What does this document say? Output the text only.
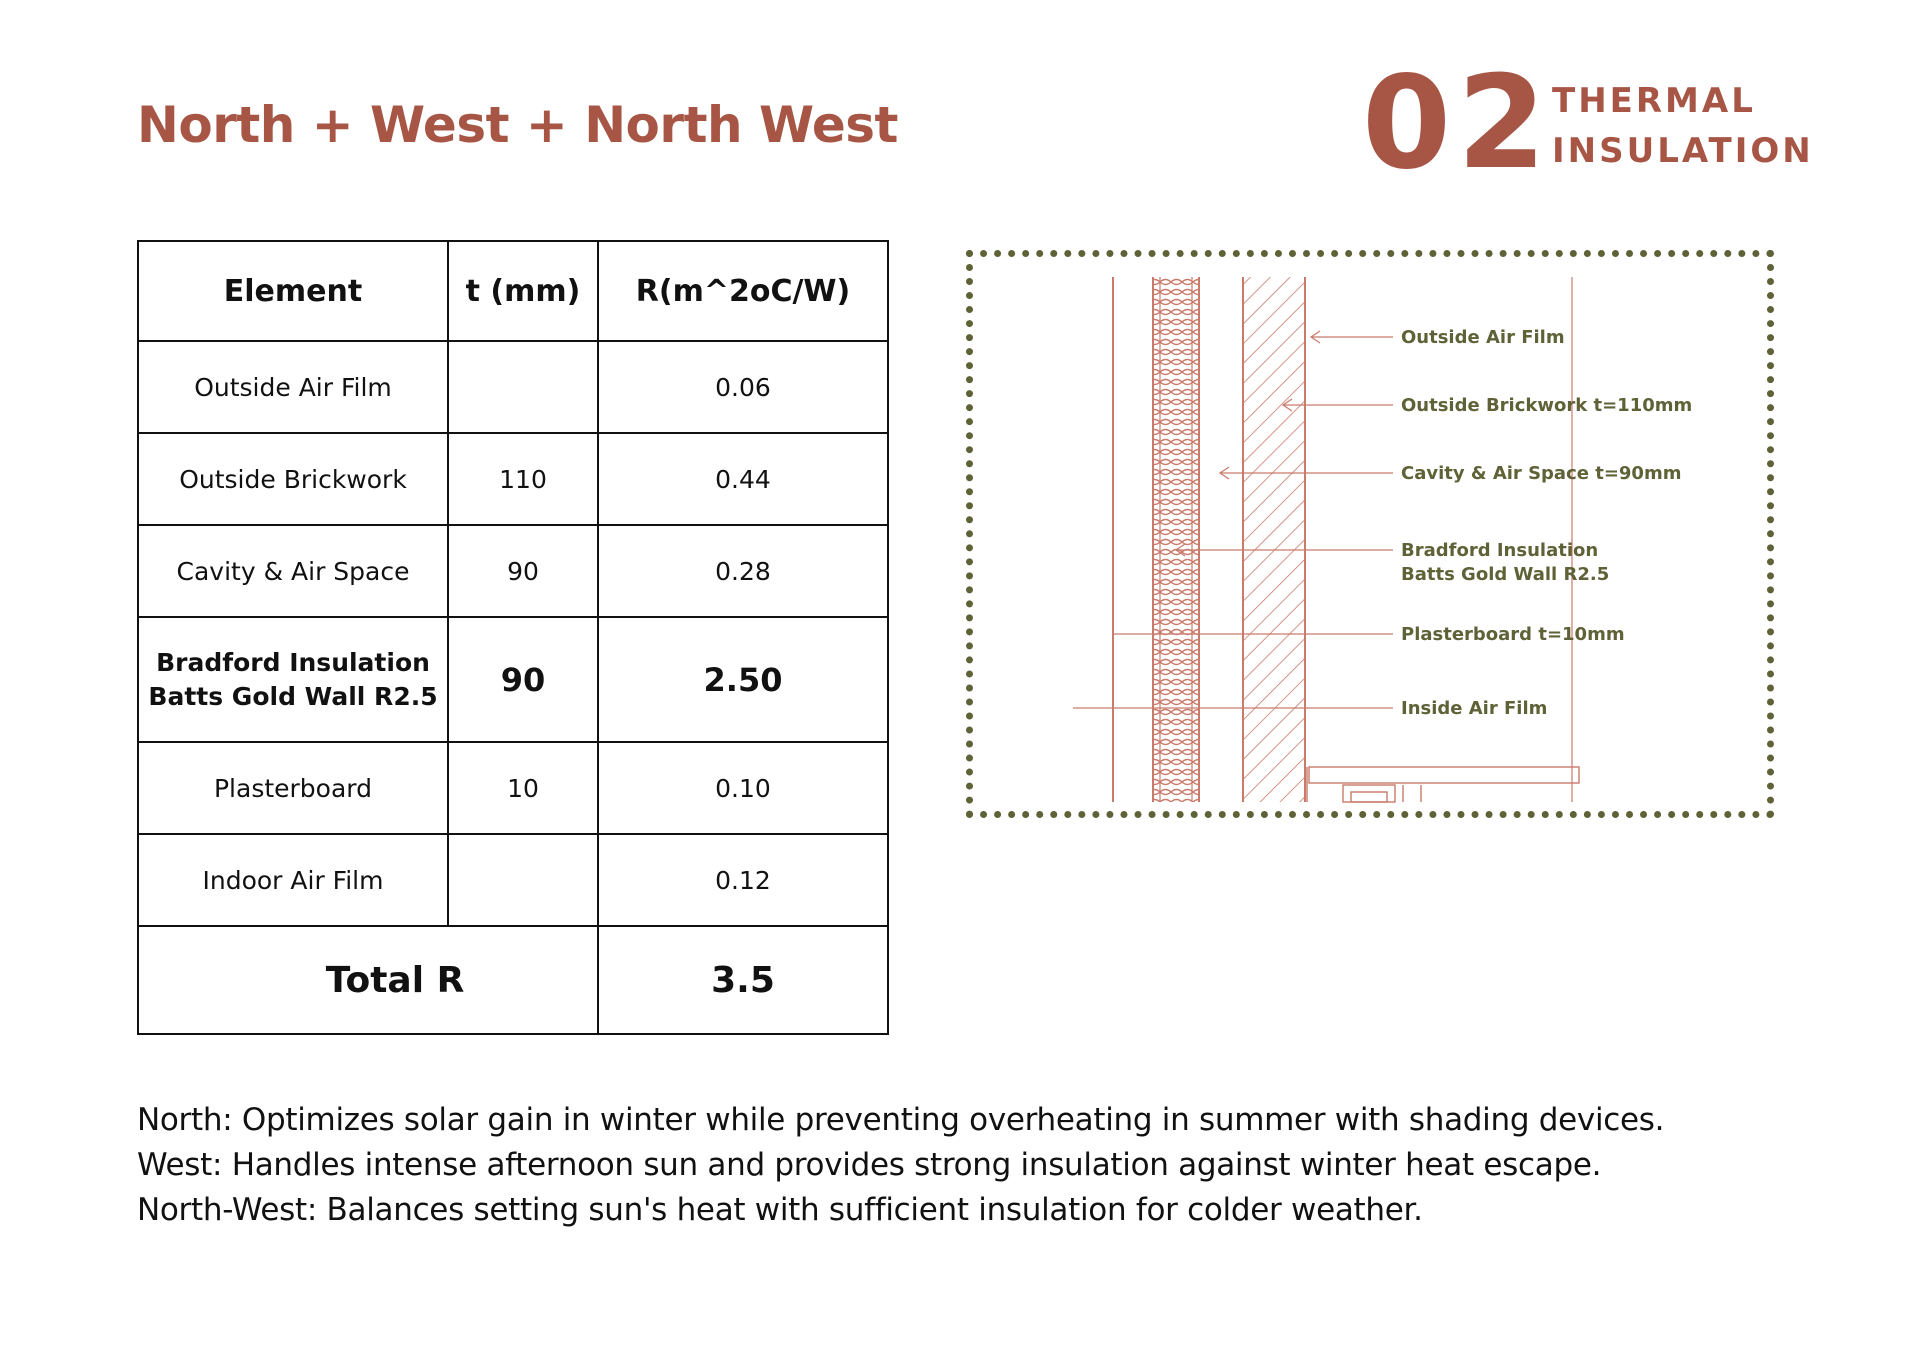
North + West + North West	02 THERMAL
INSULATION
Element	t (mm)	R(m^2oC/W)
Outside Air Film		0.06
Outside Brickwork	110	0.44
Cavity & Air Space	90	0.28

Bradford Insulation
Batts Gold Wall R2.5	90	2.50
Plasterboard	10	0.10
Indoor Air Film		0.12
Total R		3.5
Outside Air Film
Outside Brickwork t=110mm
Cavity & Air Space t=90mm
Bradford Insulation
Batts Gold Wall R2.5
Plasterboard t=10mm
Inside Air Film
North: Optimizes solar gain in winter while preventing overheating in summer with shading devices.
West: Handles intense afternoon sun and provides strong insulation against winter heat escape.
North-West: Balances setting sun's heat with sufficient insulation for colder weather.
